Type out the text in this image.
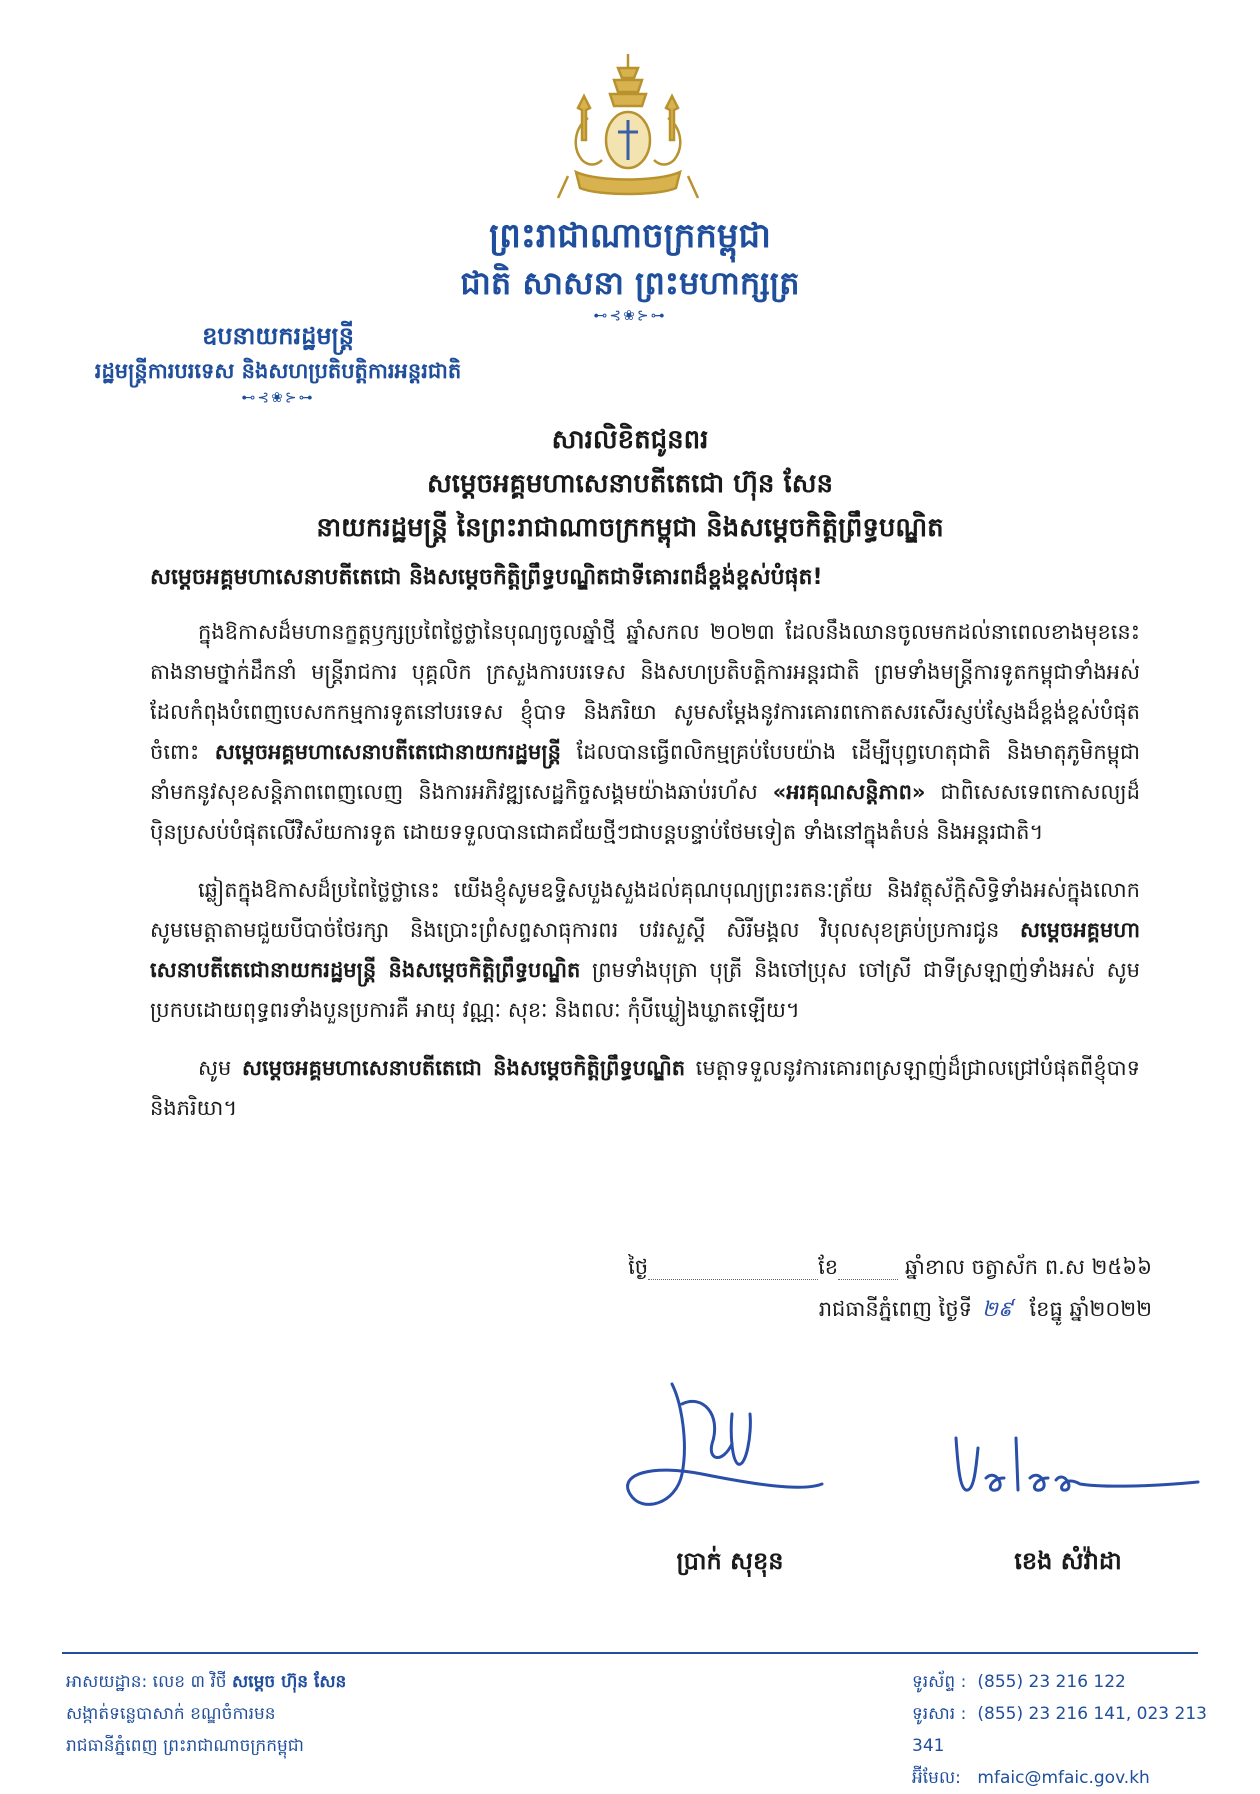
ព្រះរាជាណាចក្រកម្ពុជា
ជាតិ សាសនា ព្រះមហាក្សត្រ
⊷⊰❀⊱⊶
ឧបនាយករដ្ឋមន្ត្រី
រដ្ឋមន្ត្រីការបរទេស និងសហប្រតិបត្តិការអន្តរជាតិ
⊷⊰❀⊱⊶
សារលិខិតជូនពរ
សម្ដេចអគ្គមហាសេនាបតីតេជោ ហ៊ុន សែន
នាយករដ្ឋមន្ត្រី នៃព្រះរាជាណាចក្រកម្ពុជា និងសម្ដេចកិត្តិព្រឹទ្ធបណ្ឌិត
សម្ដេចអគ្គមហាសេនាបតីតេជោ និងសម្ដេចកិត្តិព្រឹទ្ធបណ្ឌិតជាទីគោរពដ៏ខ្ពង់ខ្ពស់បំផុត!

ក្នុងឱកាសដ៏មហានក្ខត្តឫក្សប្រពៃថ្លៃថ្លានៃបុណ្យចូលឆ្នាំថ្មី ឆ្នាំសកល ២០២៣ ដែលនឹងឈានចូលមកដល់នាពេលខាងមុខនេះ តាងនាមថ្នាក់ដឹកនាំ មន្ត្រីរាជការ បុគ្គលិក ក្រសួងការបរទេស និងសហប្រតិបត្តិការអន្តរជាតិ ព្រមទាំងមន្ត្រីការទូតកម្ពុជាទាំងអស់ដែលកំពុងបំពេញបេសកកម្មការទូតនៅបរទេស ខ្ញុំបាទ និងភរិយា សូមសម្តែងនូវការគោរពកោតសរសើរស្ញប់ស្ញែងដ៏ខ្ពង់ខ្ពស់បំផុតចំពោះ សម្ដេចអគ្គមហាសេនាបតីតេជោនាយករដ្ឋមន្ត្រី ដែលបានធ្វើពលិកម្មគ្រប់បែបយ៉ាង ដើម្បីបុព្វហេតុជាតិ និងមាតុភូមិកម្ពុជា នាំមកនូវសុខសន្តិភាពពេញលេញ និងការអភិវឌ្ឍសេដ្ឋកិច្ចសង្គមយ៉ាងឆាប់រហ័ស «អរគុណសន្តិភាព» ជាពិសេសទេពកោសល្យដ៏ប៉ិនប្រសប់បំផុតលើវិស័យការទូត ដោយទទួលបានជោគជ័យថ្មីៗជាបន្តបន្ទាប់ថែមទៀត ទាំងនៅក្នុងតំបន់ និងអន្តរជាតិ។

ឆ្លៀតក្នុងឱកាសដ៏ប្រពៃថ្លៃថ្លានេះ យើងខ្ញុំសូមឧទ្ទិសបួងសួងដល់គុណបុណ្យព្រះរតនៈត្រ័យ និងវត្ថុស័ក្តិសិទ្ធិទាំងអស់ក្នុងលោក សូមមេត្តាតាមជួយបីបាច់ថែរក្សា និងប្រោះព្រំសព្ទសាធុការពរ បវរសួស្តី សិរីមង្គល វិបុលសុខគ្រប់ប្រការជូន សម្ដេចអគ្គមហាសេនាបតីតេជោនាយករដ្ឋមន្ត្រី និងសម្ដេចកិត្តិព្រឹទ្ធបណ្ឌិត ព្រមទាំងបុត្រា បុត្រី និងចៅប្រុស ចៅស្រី ជាទីស្រឡាញ់ទាំងអស់ សូមប្រកបដោយពុទ្ធពរទាំងបួនប្រការគឺ អាយុ វណ្ណៈ សុខៈ និងពលៈ កុំបីឃ្លៀងឃ្លាតឡើយ។

សូម សម្ដេចអគ្គមហាសេនាបតីតេជោ និងសម្ដេចកិត្តិព្រឹទ្ធបណ្ឌិត មេត្តាទទួលនូវការគោរពស្រឡាញ់ដ៏ជ្រាលជ្រៅបំផុតពីខ្ញុំបាទ និងភរិយា។

ថ្ងៃ	ខែ	ឆ្នាំខាល ចត្វាស័ក ព.ស ២៥៦៦
រាជធានីភ្នំពេញ ថ្ងៃទី ២៩ ខែធ្នូ ឆ្នាំ២០២២
ប្រាក់ សុខុន	ខេង សំវ៉ាដា
អាសយដ្ឋាន: លេខ ៣ វិថី សម្តេច ហ៊ុន សែន
សង្កាត់ទន្លេបាសាក់ ខណ្ឌចំការមន
រាជធានីភ្នំពេញ ព្រះរាជាណាចក្រកម្ពុជា
ទូរស័ព្ទ : (855) 23 216 122
ទូរសារ : (855) 23 216 141, 023 213 341
អ៊ីមែល: mfaic@mfaic.gov.kh
